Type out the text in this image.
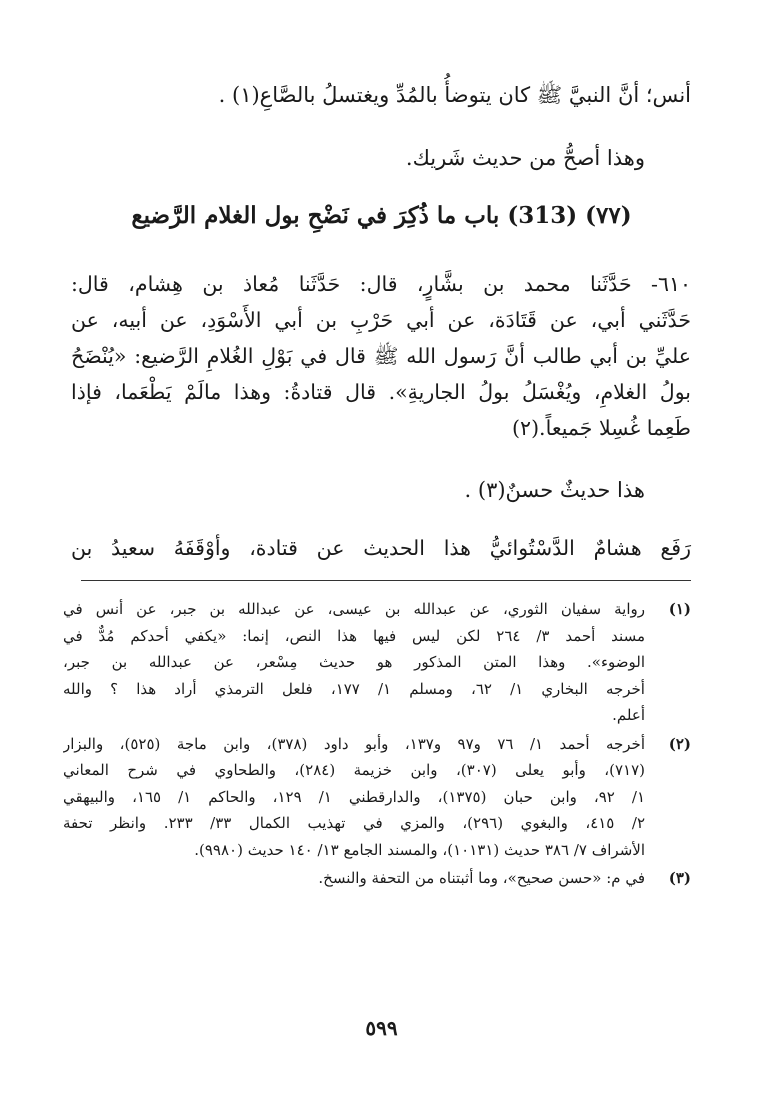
أنس؛ أنَّ النبيَّ ﷺ كان يتوضأُ بالمُدِّ ويغتسلُ بالصَّاعِ(١) .
وهذا أصحُّ من حديث شَريك.
(٧٧) (313) باب ما ذُكِرَ في نَضْحِ بول الغلام الرَّضيع
٦١٠- حَدَّثَنا محمد بن بشَّارٍ، قال: حَدَّثَنا مُعاذ بن هِشام، قال:
حَدَّثَني أبي، عن قَتَادَة، عن أبي حَرْبِ بن أبي الأَسْوَدِ، عن أبيه، عن
عليِّ بن أبي طالب أنَّ رَسول الله ﷺ قال في بَوْلِ الغُلامِ الرَّضيع: «يُنْضَحُ
بولُ الغلامِ، ويُغْسَلُ بولُ الجاريةِ». قال قتادةُ: وهذا مالَمْ يَطْعَما، فإذا
طَعِما غُسِلا جَميعاً.(٢)
هذا حديثٌ حسنٌ(٣) .
رَفَع هشامٌ الدَّسْتُوائيُّ هذا الحديث عن قتادة، وأوْقَفَهُ سعيدُ بن
(١)
رواية سفيان الثوري، عن عبدالله بن عيسى، عن عبدالله بن جبر، عن أنس في
مسند أحمد ٣/ ٢٦٤ لكن ليس فيها هذا النص، إنما: «يكفي أحدكم مُدٌّ في
الوضوء». وهذا المتن المذكور هو حديث مِسْعر، عن عبدالله بن جبر،
أخرجه البخاري ١/ ٦٢، ومسلم ١/ ١٧٧، فلعل الترمذي أراد هذا ؟ والله
أعلم.
(٢)
أخرجه أحمد ١/ ٧٦ و٩٧ و١٣٧، وأبو داود (٣٧٨)، وابن ماجة (٥٢٥)، والبزار
(٧١٧)، وأبو يعلى (٣٠٧)، وابن خزيمة (٢٨٤)، والطحاوي في شرح المعاني
١/ ٩٢، وابن حبان (١٣٧٥)، والدارقطني ١/ ١٢٩، والحاكم ١/ ١٦٥، والبيهقي
٢/ ٤١٥، والبغوي (٢٩٦)، والمزي في تهذيب الكمال ٣٣/ ٢٣٣. وانظر تحفة
الأشراف ٧/ ٣٨٦ حديث (١٠١٣١)، والمسند الجامع ١٣/ ١٤٠ حديث (٩٩٨٠).
(٣)
في م: «حسن صحيح»، وما أثبتناه من التحفة والنسخ.
٥٩٩
